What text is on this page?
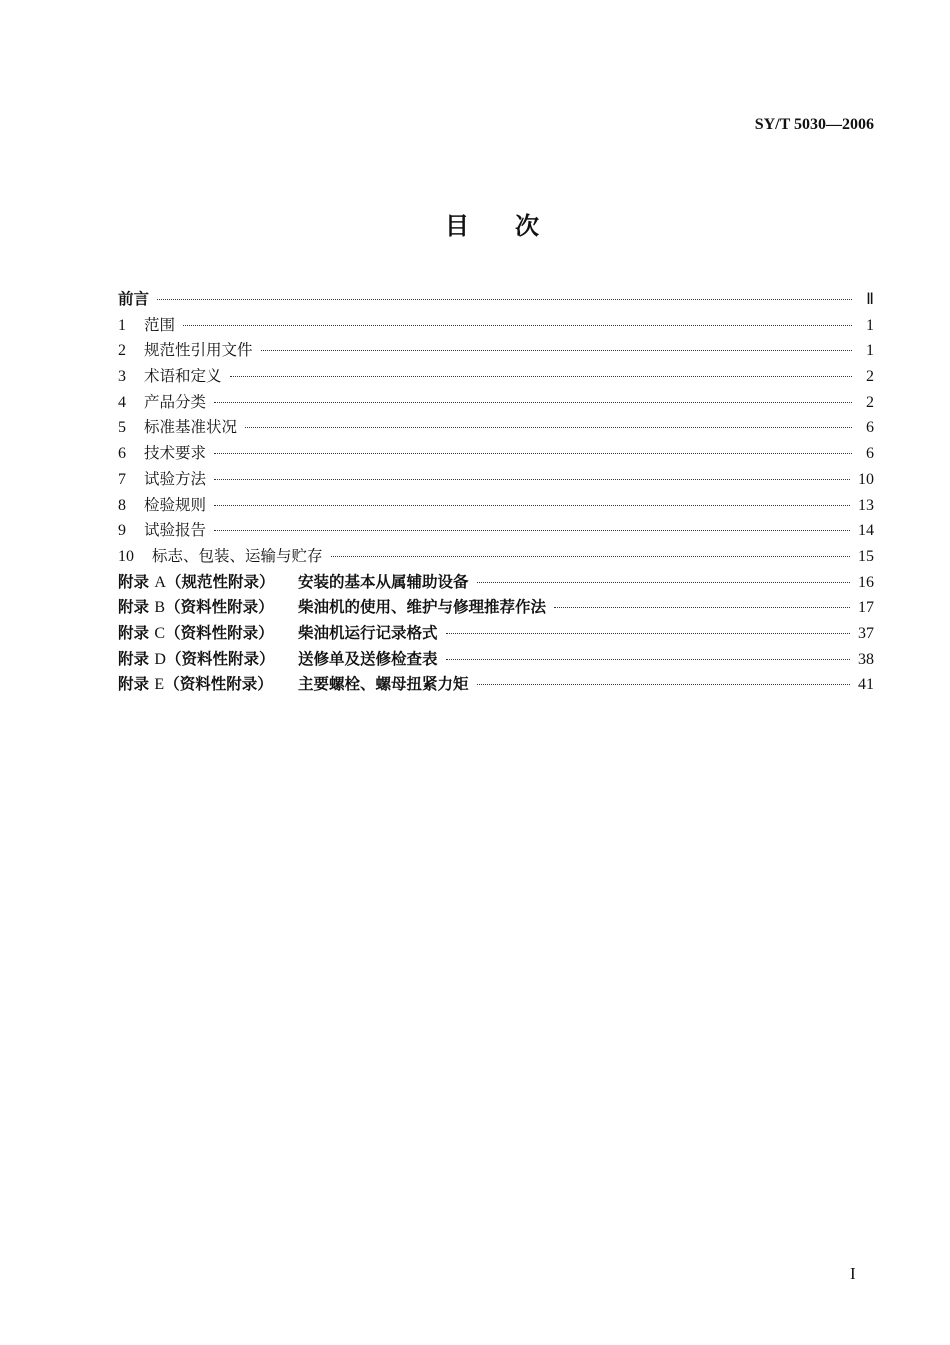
SY/T 5030—2006
目 次
前言	Ⅱ
1	范围	1
2	规范性引用文件	1
3	术语和定义	2
4	产品分类	2
5	标准基准状况	6
6	技术要求	6
7	试验方法	10
8	检验规则	13
9	试验报告	14
10	标志、包装、运输与贮存	15
附录 A（规范性附录）	安装的基本从属辅助设备	16
附录 B（资料性附录）	柴油机的使用、维护与修理推荐作法	17
附录 C（资料性附录）	柴油机运行记录格式	37
附录 D（资料性附录）	送修单及送修检查表	38
附录 E（资料性附录）	主要螺栓、螺母扭紧力矩	41
I
